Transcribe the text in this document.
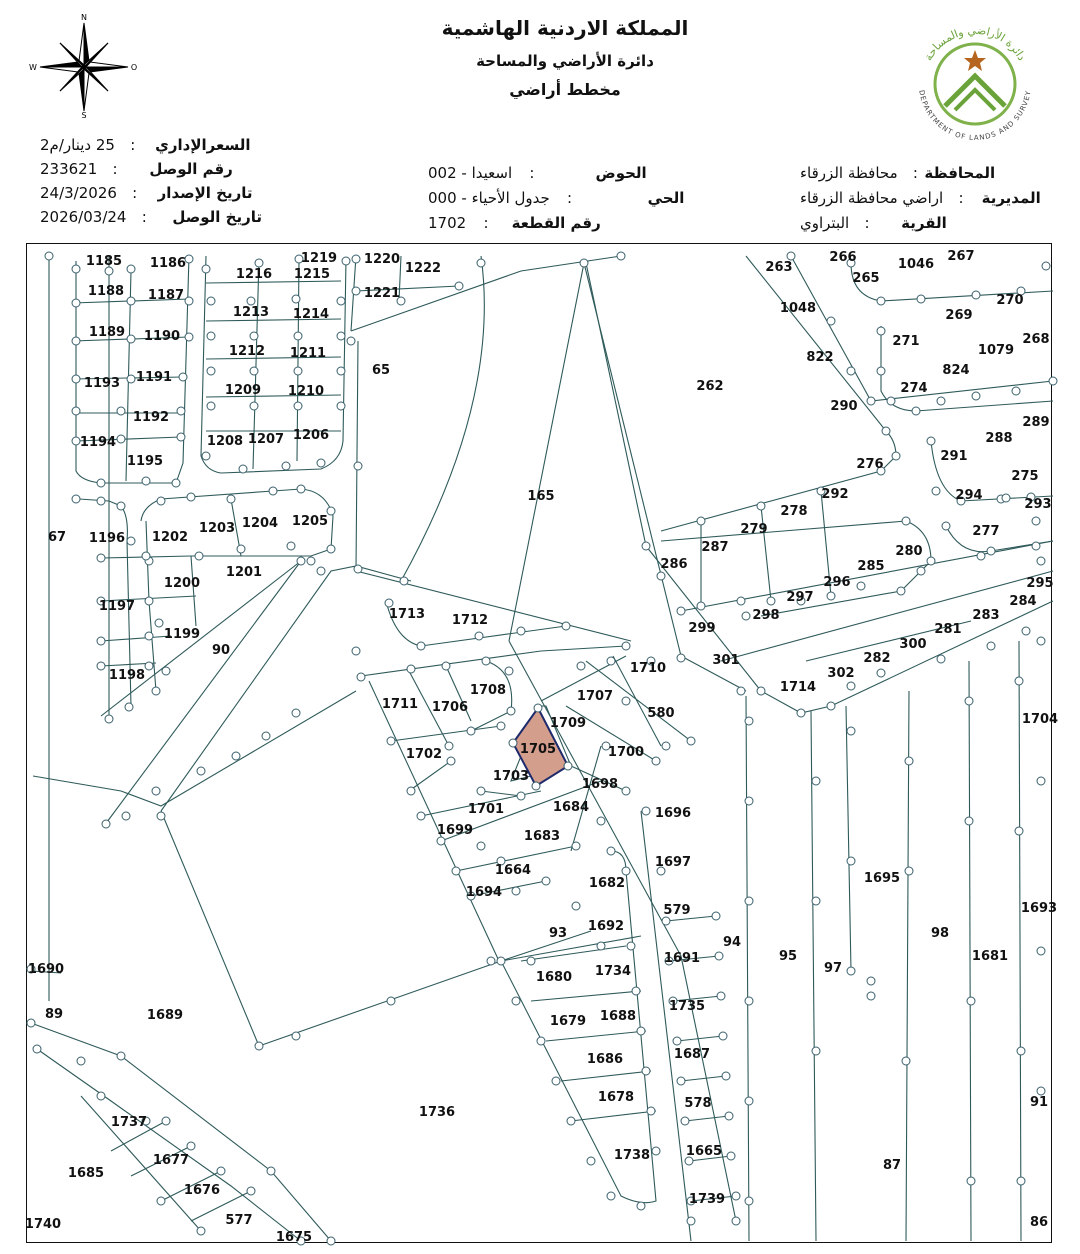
N
S
O
W
المملكة الاردنية الهاشمية
دائرة الأراضي والمساحة
مخطط أراضي
دائرة الأراضي والمساحة
DEPARTMENT OF LANDS AND SURVEY
السعرالإداري : 25 دينار/م2
رقم الوصل : 233621
تاريخ الإصدار : 24/3/2026
تاريخ الوصل : 2026/03/24
الحوض : اسعيدا - 002
الحي : جدول الأحياء - 000
رقم القطعة : 1702
المحافظة : محافظة الزرقاء
المديرية : اراضي محافظة الزرقاء
القرية : البتراوي
1185 1186	1219 1220
1222
1216 1215
1188 1187	1221
1213 1214
1189 1190
1212 1211
1193 1191
1209 1210
1192
1194	1208 1207 1206
1195
1196 1202
1203 1204 1205
1200
1201
1197
1199
1198
67
90
65
165
262
263
266
265
1046
267
1048
270
269
271
1079
268
822
824
274
290
289
288
291
275
276
292	294
293
277
278
279
287	280
286	285
295
296
284
297
283
298
281
299
300
282
301
302
1714
1713 1712
1708
1710
1711 1706
1707
580	1704
1709
1702	1705	1700
1703
1698
1701	1684	1696
1699	1683
1697
1664
1695
1694
1682
579	1693
1692
93
94
95
97
98
1681
1691
1734
1690
1680
1735
89	1689	1688
1679
1687
1686
1678	578	91
1736
1737
1677
1665
87
1685
1738
1676
1739
577	86
1740
1675
